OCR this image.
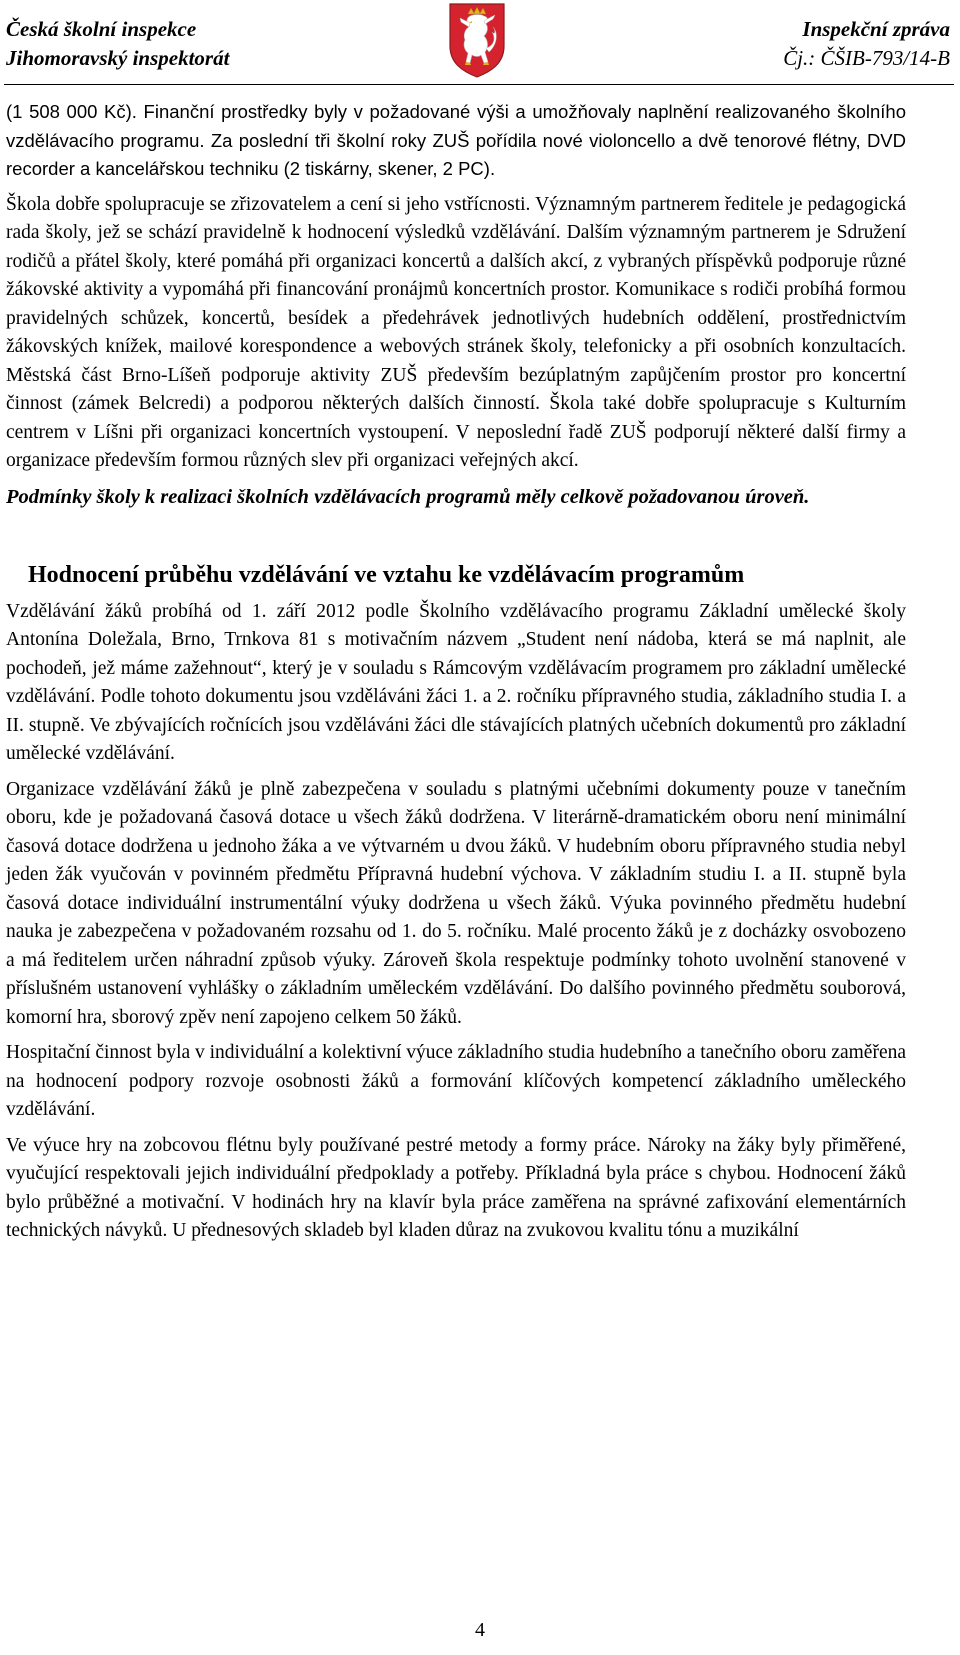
Česká školní inspekce
Jihomoravský inspektorát
Inspekční zpráva
Čj.: ČŠIB-793/14-B

(1 508 000 Kč). Finanční prostředky byly v požadované výši a umožňovaly naplnění realizovaného školního vzdělávacího programu. Za poslední tři školní roky ZUŠ pořídila nové violoncello a dvě tenorové flétny, DVD recorder a kancelářskou techniku (2 tiskárny, skener, 2 PC).

Škola dobře spolupracuje se zřizovatelem a cení si jeho vstřícnosti. Významným partnerem ředitele je pedagogická rada školy, jež se schází pravidelně k hodnocení výsledků vzdělávání. Dalším významným partnerem je Sdružení rodičů a přátel školy, které pomáhá při organizaci koncertů a dalších akcí, z vybraných příspěvků podporuje různé žákovské aktivity a vypomáhá při financování pronájmů koncertních prostor. Komunikace s rodiči probíhá formou pravidelných schůzek, koncertů, besídek a předehrávek jednotlivých hudebních oddělení, prostřednictvím žákovských knížek, mailové korespondence a webových stránek školy, telefonicky a při osobních konzultacích. Městská část Brno-Líšeň podporuje aktivity ZUŠ především bezúplatným zapůjčením prostor pro koncertní činnost (zámek Belcredi) a podporou některých dalších činností. Škola také dobře spolupracuje s Kulturním centrem v Líšni při organizaci koncertních vystoupení. V neposlední řadě ZUŠ podporují některé další firmy a organizace především formou různých slev při organizaci veřejných akcí.

Podmínky školy k realizaci školních vzdělávacích programů měly celkově požadovanou úroveň.

Hodnocení průběhu vzdělávání ve vztahu ke vzdělávacím programům

Vzdělávání žáků probíhá od 1. září 2012 podle Školního vzdělávacího programu Základní umělecké školy Antonína Doležala, Brno, Trnkova 81 s motivačním názvem „Student není nádoba, která se má naplnit, ale pochodeň, jež máme zažehnout“, který je v souladu s Rámcovým vzdělávacím programem pro základní umělecké vzdělávání. Podle tohoto dokumentu jsou vzděláváni žáci 1. a 2. ročníku přípravného studia, základního studia I. a II. stupně. Ve zbývajících ročnících jsou vzděláváni žáci dle stávajících platných učebních dokumentů pro základní umělecké vzdělávání.

Organizace vzdělávání žáků je plně zabezpečena v souladu s platnými učebními dokumenty pouze v tanečním oboru, kde je požadovaná časová dotace u všech žáků dodržena. V literárně-dramatickém oboru není minimální časová dotace dodržena u jednoho žáka a ve výtvarném u dvou žáků. V hudebním oboru přípravného studia nebyl jeden žák vyučován v povinném předmětu Přípravná hudební výchova. V základním studiu I. a II. stupně byla časová dotace individuální instrumentální výuky dodržena u všech žáků. Výuka povinného předmětu hudební nauka je zabezpečena v požadovaném rozsahu od 1. do 5. ročníku. Malé procento žáků je z docházky osvobozeno a má ředitelem určen náhradní způsob výuky. Zároveň škola respektuje podmínky tohoto uvolnění stanovené v příslušném ustanovení vyhlášky o základním uměleckém vzdělávání. Do dalšího povinného předmětu souborová, komorní hra, sborový zpěv není zapojeno celkem 50 žáků.

Hospitační činnost byla v individuální a kolektivní výuce základního studia hudebního a tanečního oboru zaměřena na hodnocení podpory rozvoje osobnosti žáků a formování klíčových kompetencí základního uměleckého vzdělávání.

Ve výuce hry na zobcovou flétnu byly používané pestré metody a formy práce. Nároky na žáky byly přiměřené, vyučující respektovali jejich individuální předpoklady a potřeby. Příkladná byla práce s chybou. Hodnocení žáků bylo průběžné a motivační. V hodinách hry na klavír byla práce zaměřena na správné zafixování elementárních technických návyků. U přednesových skladeb byl kladen důraz na zvukovou kvalitu tónu a muzikální

4
